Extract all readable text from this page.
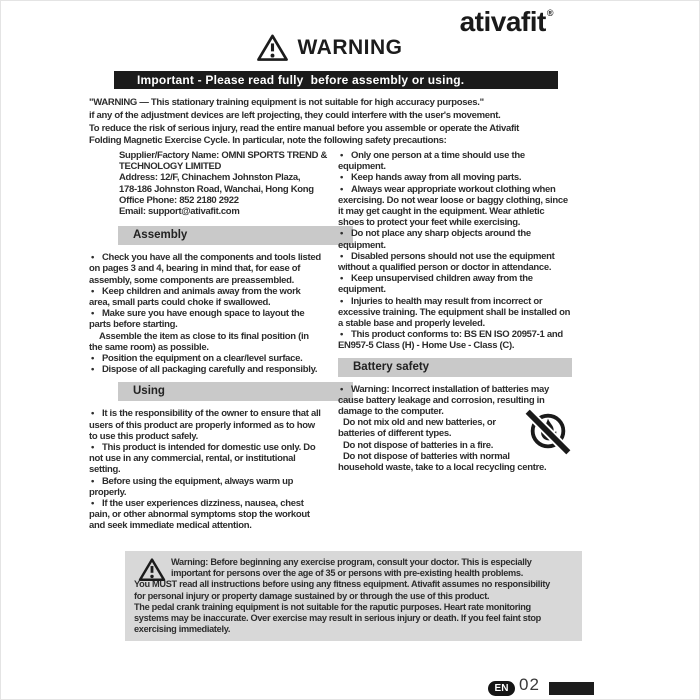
ativafit®
WARNING
Important - Please read fully  before assembly or using.
"WARNING — This stationary training equipment is not suitable for high accuracy purposes."
if any of the adjustment devices are left projecting, they could interfere with the user's movement.
To reduce the risk of serious injury, read the entire manual before you assemble or operate the Ativafit
Folding Magnetic Exercise Cycle. In particular, note the following safety precautions:
Supplier/Factory Name: OMNI SPORTS TREND &
TECHNOLOGY LIMITED
Address: 12/F, Chinachem Johnston Plaza,
178-186 Johnston Road, Wanchai, Hong Kong
Office Phone: 852 2180 2922
Email: support@ativafit.com
Assembly

• Check you have all the components and tools listed on pages 3 and 4, bearing in mind that, for ease of assembly, some components are preassembled.

• Keep children and animals away from the work area, small parts could choke if swallowed.

• Make sure you have enough space to layout the parts before starting.

Assemble the item as close to its final position (in the same room) as possible.

• Position the equipment on a clear/level surface.

• Dispose of all packaging carefully and responsibly.

Using

• It is the responsibility of the owner to ensure that all users of this product are properly informed as to how to use this product safely.

• This product is intended for domestic use only. Do not use in any commercial, rental, or institutional setting.

• Before using the equipment, always warm up properly.

• If the user experiences dizziness, nausea, chest pain, or other abnormal symptoms stop the workout and seek immediate medical attention.

• Only one person at a time should use the equipment.

• Keep hands away from all moving parts.

• Always wear appropriate workout clothing when exercising. Do not wear loose or baggy clothing, since it may get caught in the equipment. Wear athletic shoes to protect your feet while exercising.

• Do not place any sharp objects around the equipment.

• Disabled persons should not use the equipment without a qualified person or doctor in attendance.

• Keep unsupervised children away from the equipment.

• Injuries to health may result from incorrect or excessive training. The equipment shall be installed on a stable base and properly leveled.

• This product conforms to: BS EN ISO 20957-1 and EN957-5 Class (H) - Home Use - Class (C).

Battery safety

• Warning: Incorrect installation of batteries may cause battery leakage and corrosion, resulting in damage to the computer.

Do not mix old and new batteries, or batteries of different types.

Do not dispose of batteries in a fire.

Do not dispose of batteries with normal household waste, take to a local recycling centre.

Warning: Before beginning any exercise program, consult your doctor. This is especially
important for persons over the age of 35 or persons with pre-existing health problems.
You MUST read all instructions before using any fitness equipment. Ativafit assumes no responsibility
for personal injury or property damage sustained by or through the use of this product.
The pedal crank training equipment is not suitable for the raputic purposes. Heart rate monitoring
systems may be inaccurate. Over exercise may result in serious injury or death. If you feel faint stop
exercising immediately.
EN 02
